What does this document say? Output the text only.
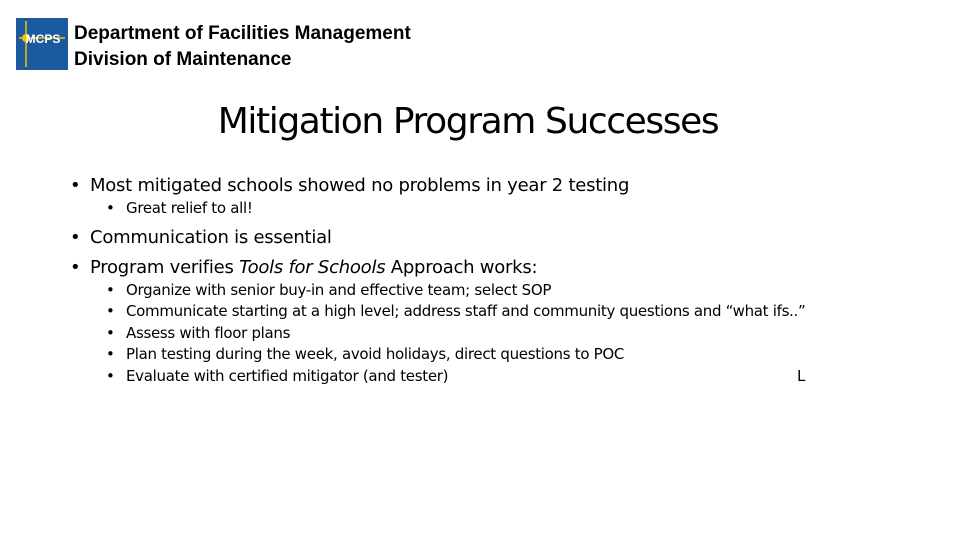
MCPS Department of Facilities Management
Division of Maintenance
Mitigation Program Successes
• Most mitigated schools showed no problems in year 2 testing
• Great relief to all!
• Communication is essential
• Program verifies Tools for Schools Approach works:
• Organize with senior buy-in and effective team; select SOP
• Communicate starting at a high level; address staff and community questions and “what ifs..”
• Assess with floor plans
• Plan testing during the week, avoid holidays, direct questions to POC
• Evaluate with certified mitigator (and tester)	L
